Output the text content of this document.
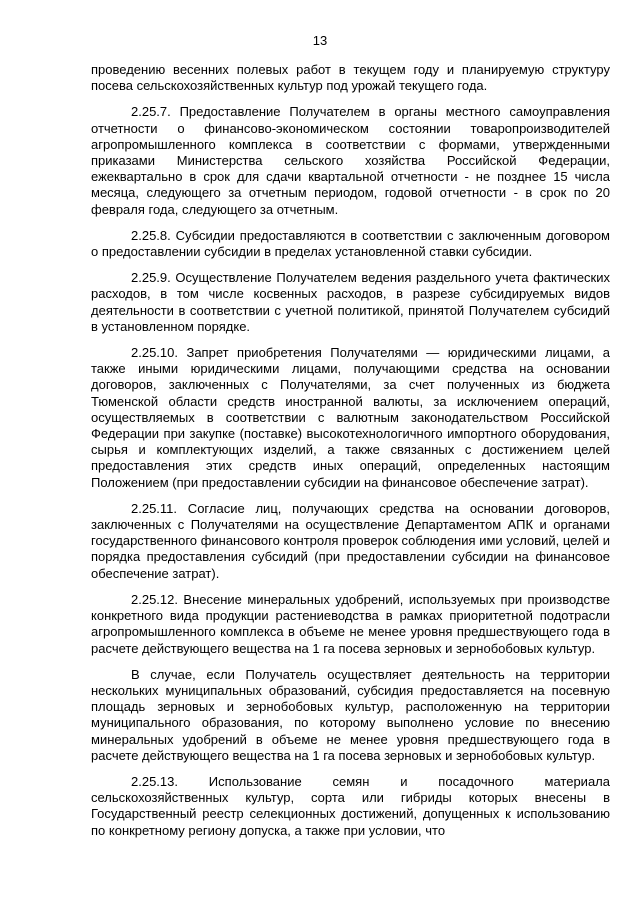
13

проведению весенних полевых работ в текущем году и планируемую структуру посева сельскохозяйственных культур под урожай текущего года.

2.25.7. Предоставление Получателем в органы местного самоуправления отчетности о финансово-экономическом состоянии товаропроизводителей агропромышленного комплекса в соответствии с формами, утвержденными приказами Министерства сельского хозяйства Российской Федерации, ежеквартально в срок для сдачи квартальной отчетности - не позднее 15 числа месяца, следующего за отчетным периодом, годовой отчетности - в срок по 20 февраля года, следующего за отчетным.

2.25.8. Субсидии предоставляются в соответствии с заключенным договором о предоставлении субсидии в пределах установленной ставки субсидии.

2.25.9. Осуществление Получателем ведения раздельного учета фактических расходов, в том числе косвенных расходов, в разрезе субсидируемых видов деятельности в соответствии с учетной политикой, принятой Получателем субсидий в установленном порядке.

2.25.10. Запрет приобретения Получателями — юридическими лицами, а также иными юридическими лицами, получающими средства на основании договоров, заключенных с Получателями, за счет полученных из бюджета Тюменской области средств иностранной валюты, за исключением операций, осуществляемых в соответствии с валютным законодательством Российской Федерации при закупке (поставке) высокотехнологичного импортного оборудования, сырья и комплектующих изделий, а также связанных с достижением целей предоставления этих средств иных операций, определенных настоящим Положением (при предоставлении субсидии на финансовое обеспечение затрат).

2.25.11. Согласие лиц, получающих средства на основании договоров, заключенных с Получателями на осуществление Департаментом АПК и органами государственного финансового контроля проверок соблюдения ими условий, целей и порядка предоставления субсидий (при предоставлении субсидии на финансовое обеспечение затрат).

2.25.12. Внесение минеральных удобрений, используемых при производстве конкретного вида продукции растениеводства в рамках приоритетной подотрасли агропромышленного комплекса в объеме не менее уровня предшествующего года в расчете действующего вещества на 1 га посева зерновых и зернобобовых культур.

В случае, если Получатель осуществляет деятельность на территории нескольких муниципальных образований, субсидия предоставляется на посевную площадь зерновых и зернобобовых культур, расположенную на территории муниципального образования, по которому выполнено условие по внесению минеральных удобрений в объеме не менее уровня предшествующего года в расчете действующего вещества на 1 га посева зерновых и зернобобовых культур.

2.25.13. Использование семян и посадочного материала сельскохозяйственных культур, сорта или гибриды которых внесены в Государственный реестр селекционных достижений, допущенных к использованию по конкретному региону допуска, а также при условии, что
